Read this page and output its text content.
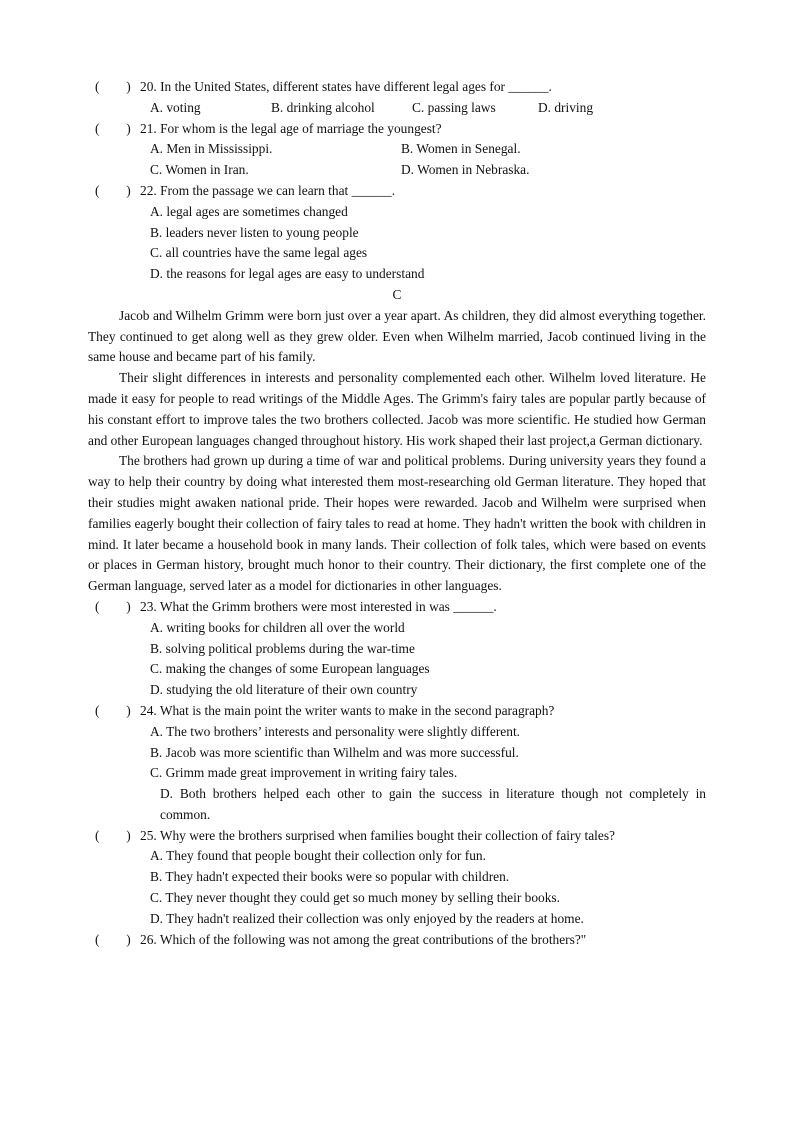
(　　) 20. In the United States, different states have different legal ages for ______.
A. voting	B. drinking alcohol	C. passing laws	D. driving
(　　) 21. For whom is the legal age of marriage the youngest?
A. Men in Mississippi.	B. Women in Senegal.
C. Women in Iran.	D. Women in Nebraska.
(　　) 22. From the passage we can learn that ______.
A. legal ages are sometimes changed
B. leaders never listen to young people
C. all countries have the same legal ages
D. the reasons for legal ages are easy to understand
C

Jacob and Wilhelm Grimm were born just over a year apart. As children, they did almost everything together. They continued to get along well as they grew older. Even when Wilhelm married, Jacob continued living in the same house and became part of his family.

Their slight differences in interests and personality complemented each other. Wilhelm loved literature. He made it easy for people to read writings of the Middle Ages. The Grimm's fairy tales are popular partly because of his constant effort to improve tales the two brothers collected. Jacob was more scientific. He studied how German and other European languages changed throughout history. His work shaped their last project,a German dictionary.

The brothers had grown up during a time of war and political problems. During university years they found a way to help their country by doing what interested them most-researching old German literature. They hoped that their studies might awaken national pride. Their hopes were rewarded. Jacob and Wilhelm were surprised when families eagerly bought their collection of fairy tales to read at home. They hadn't written the book with children in mind. It later became a household book in many lands. Their collection of folk tales, which were based on events or places in German history, brought much honor to their country. Their dictionary, the first complete one of the German language, served later as a model for dictionaries in other languages.

(　　) 23. What the Grimm brothers were most interested in was ______.
A. writing books for children all over the world
B. solving political problems during the war-time
C. making the changes of some European languages
D. studying the old literature of their own country
(　　) 24. What is the main point the writer wants to make in the second paragraph?
A. The two brothers’ interests and personality were slightly different.
B. Jacob was more scientific than Wilhelm and was more successful.
C. Grimm made great improvement in writing fairy tales.
D. Both brothers helped each other to gain the success in literature though not completely in common.
(　　) 25. Why were the brothers surprised when families bought their collection of fairy tales?
A. They found that people bought their collection only for fun.
B. They hadn't expected their books were so popular with children.
C. They never thought they could get so much money by selling their books.
D. They hadn't realized their collection was only enjoyed by the readers at home.
(　　) 26. Which of the following was not among the great contributions of the brothers?"
